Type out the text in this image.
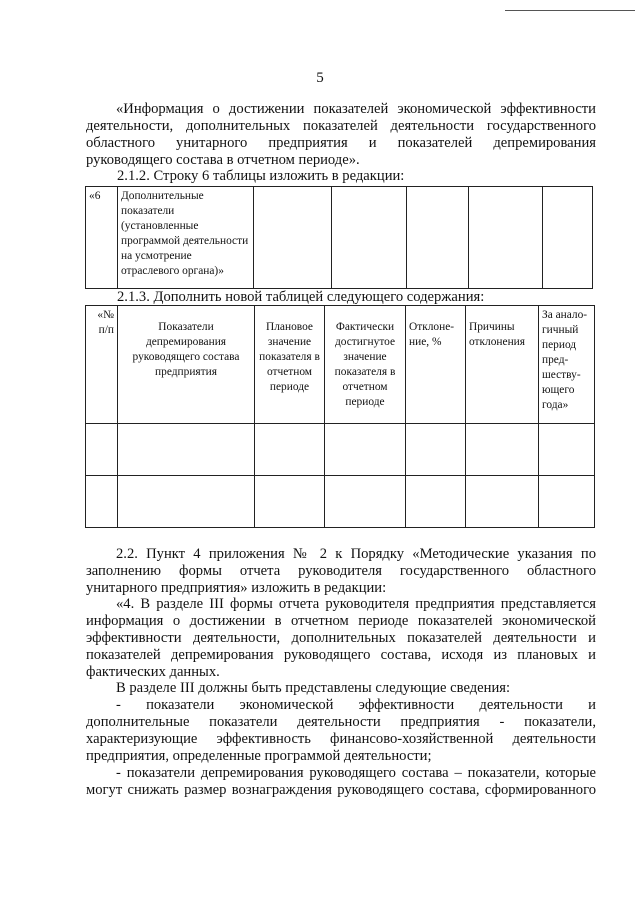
5
«Информация о достижении показателей экономической эффективности
деятельности, дополнительных показателей деятельности государственного
областного унитарного предприятия и показателей депремирования
руководящего состава в отчетном периоде».
2.1.2. Строку 6 таблицы изложить в редакции:
«6	Дополнительные показатели (установленные программой деятельности на усмотрение отраслевого органа)»					
2.1.3. Дополнить новой таблицей следующего содержания:
«№ п/п	Показатели депремирования руководящего состава предприятия	Плановое значение показателя в отчетном периоде	Фактически достигнутое значение показателя в отчетном периоде	Отклоне-ние, %	Причины отклонения	За анало-гичный период пред-шеству-ющего года»

2.2. Пункт 4 приложения № 2 к Порядку «Методические указания по
заполнению формы отчета руководителя государственного областного
унитарного предприятия» изложить в редакции:
«4. В разделе III формы отчета руководителя предприятия представляется
информация о достижении в отчетном периоде показателей экономической
эффективности деятельности, дополнительных показателей деятельности и
показателей депремирования руководящего состава, исходя из плановых и
фактических данных.
В разделе III должны быть представлены следующие сведения:
- показатели экономической эффективности деятельности и
дополнительные показатели деятельности предприятия - показатели,
характеризующие эффективность финансово-хозяйственной деятельности
предприятия, определенные программой деятельности;
- показатели депремирования руководящего состава – показатели, которые
могут снижать размер вознаграждения руководящего состава, сформированного
